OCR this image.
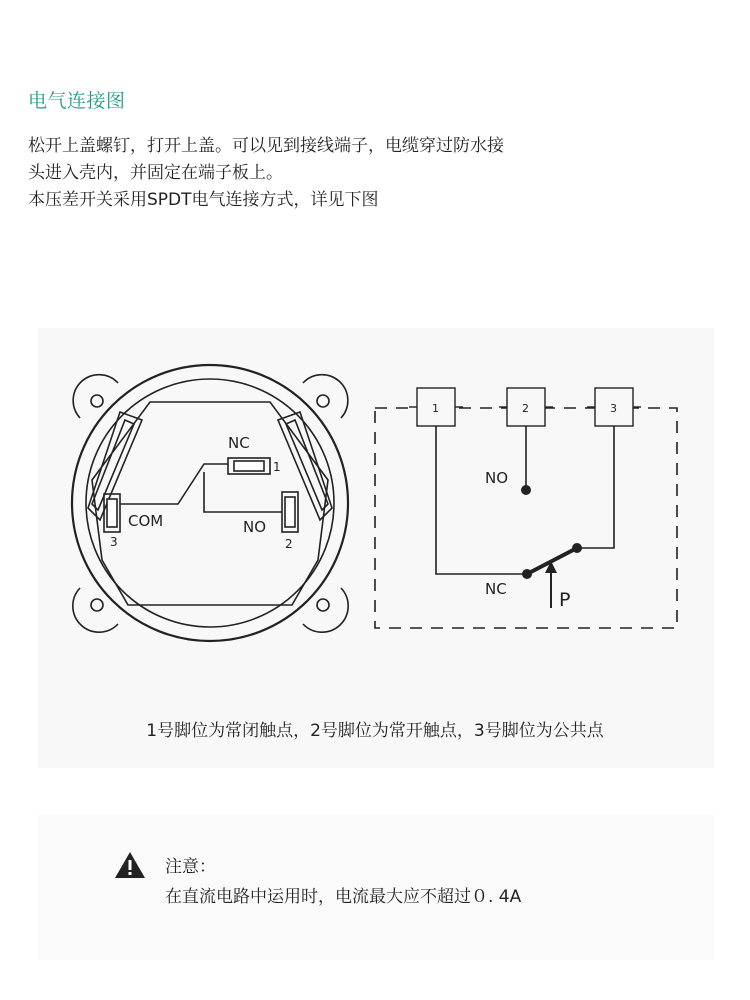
电气连接图
松开上盖螺钉，打开上盖。可以见到接线端子，电缆穿过防水接
头进入壳内，并固定在端子板上。
本压差开关采用SPDT电气连接方式，详见下图
NC
1
COM	NO
3	2
1	2	3
NO
NC	P
1号脚位为常闭触点，2号脚位为常开触点，3号脚位为公共点
注意：
在直流电路中运用时，电流最大应不超过０. 4A
